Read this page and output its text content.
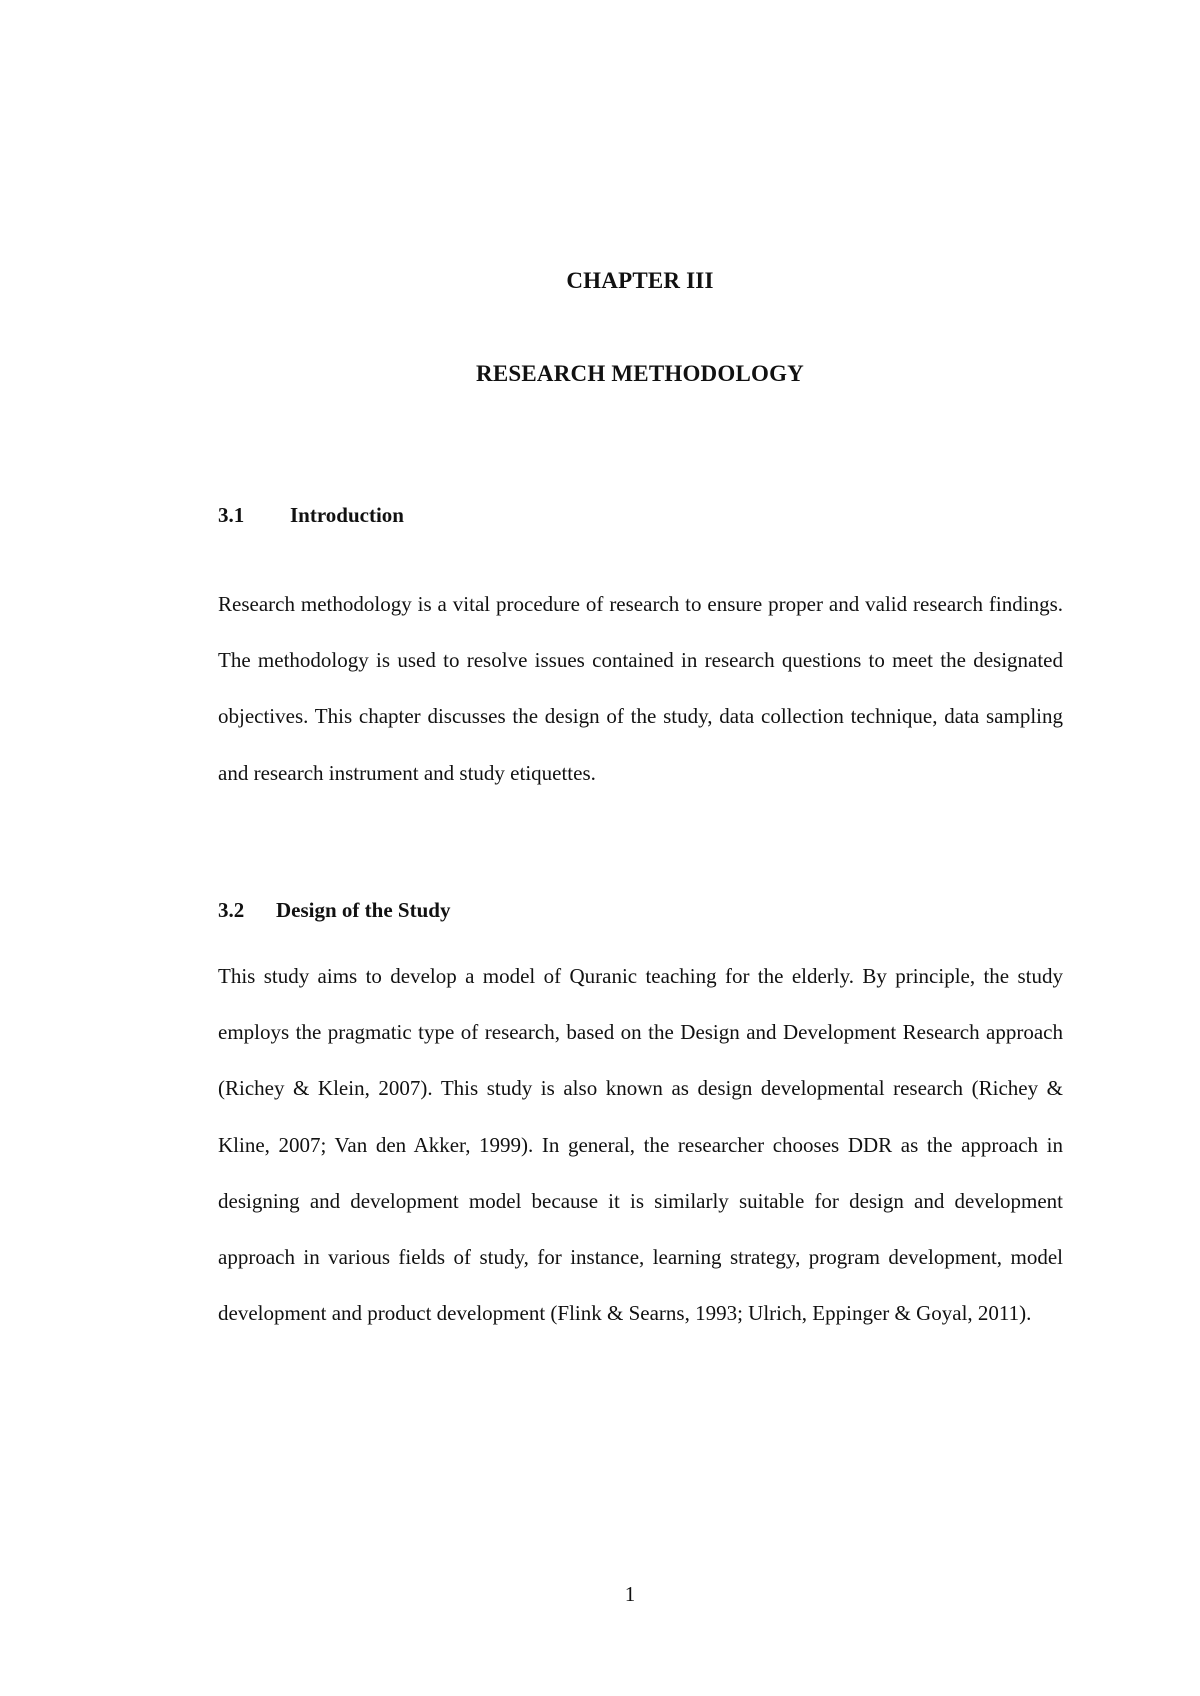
CHAPTER III
RESEARCH METHODOLOGY
3.1 Introduction

Research methodology is a vital procedure of research to ensure proper and valid research findings. The methodology is used to resolve issues contained in research questions to meet the designated objectives. This chapter discusses the design of the study, data collection technique, data sampling and research instrument and study etiquettes.

3.2 Design of the Study

This study aims to develop a model of Quranic teaching for the elderly. By principle, the study employs the pragmatic type of research, based on the Design and Development Research approach (Richey & Klein, 2007). This study is also known as design developmental research (Richey & Kline, 2007; Van den Akker, 1999). In general, the researcher chooses DDR as the approach in designing and development model because it is similarly suitable for design and development approach in various fields of study, for instance, learning strategy, program development, model development and product development (Flink & Searns, 1993; Ulrich, Eppinger & Goyal, 2011).

1
